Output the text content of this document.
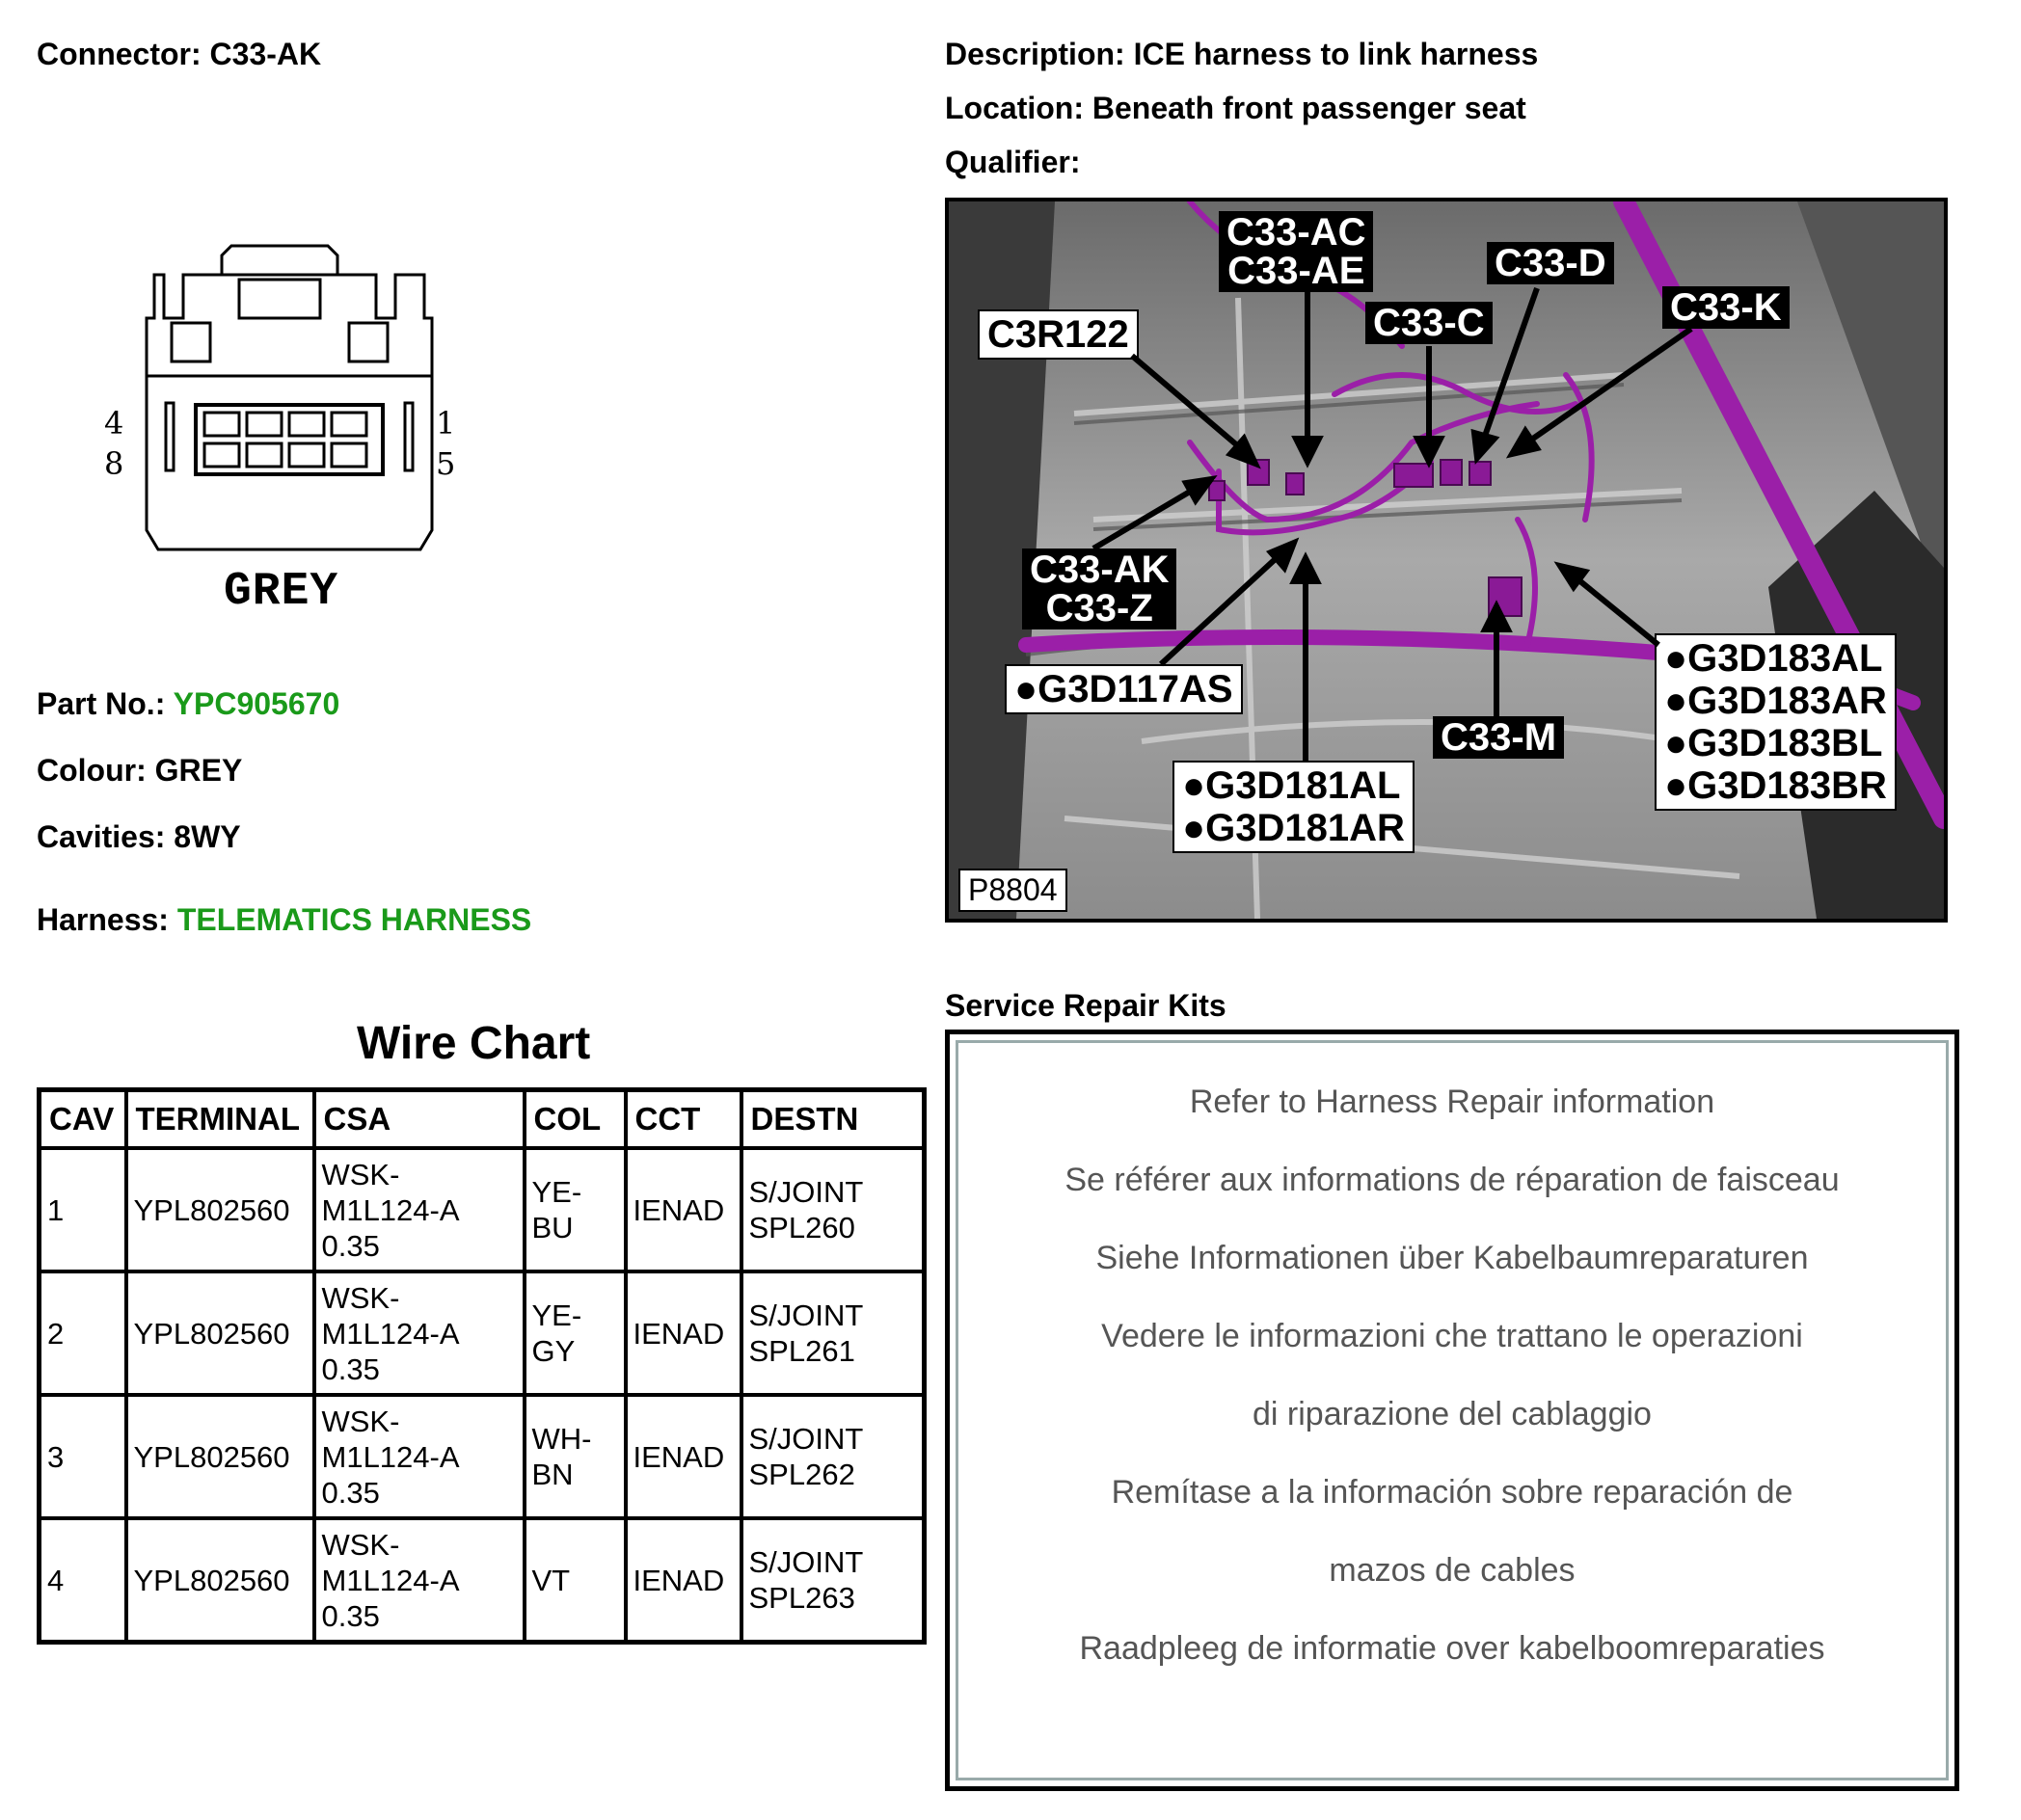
Connector: C33-AK	Description: ICE harness to link harness
Location: Beneath front passenger seat
Qualifier:
4
8
1
5
GREY
Part No.: YPC905670
Colour: GREY
Cavities: 8WY
Harness: TELEMATICS HARNESS
Wire Chart
CAV	TERMINAL	CSA	COL	CCT	DESTN
1	YPL802560	WSK-
M1L124-A
0.35	YE-
BU	IENAD	S/JOINT
SPL260
2	YPL802560	WSK-
M1L124-A
0.35	YE-
GY	IENAD	S/JOINT
SPL261
3	YPL802560	WSK-
M1L124-A
0.35	WH-
BN	IENAD	S/JOINT
SPL262
4	YPL802560	WSK-
M1L124-A
0.35	VT	IENAD	S/JOINT
SPL263
C33-AC
C33-AE	C33-D
C33-C	C33-K
C3R122
C33-AK
C33-Z
●G3D117AS
C33-M
●G3D181AL
●G3D181AR
●G3D183AL
●G3D183AR
●G3D183BL
●G3D183BR
P8804
Service Repair Kits
Refer to Harness Repair information
Se référer aux informations de réparation de faisceau
Siehe Informationen über Kabelbaumreparaturen
Vedere le informazioni che trattano le operazioni
di riparazione del cablaggio
Remítase a la información sobre reparación de
mazos de cables
Raadpleeg de informatie over kabelboomreparaties
